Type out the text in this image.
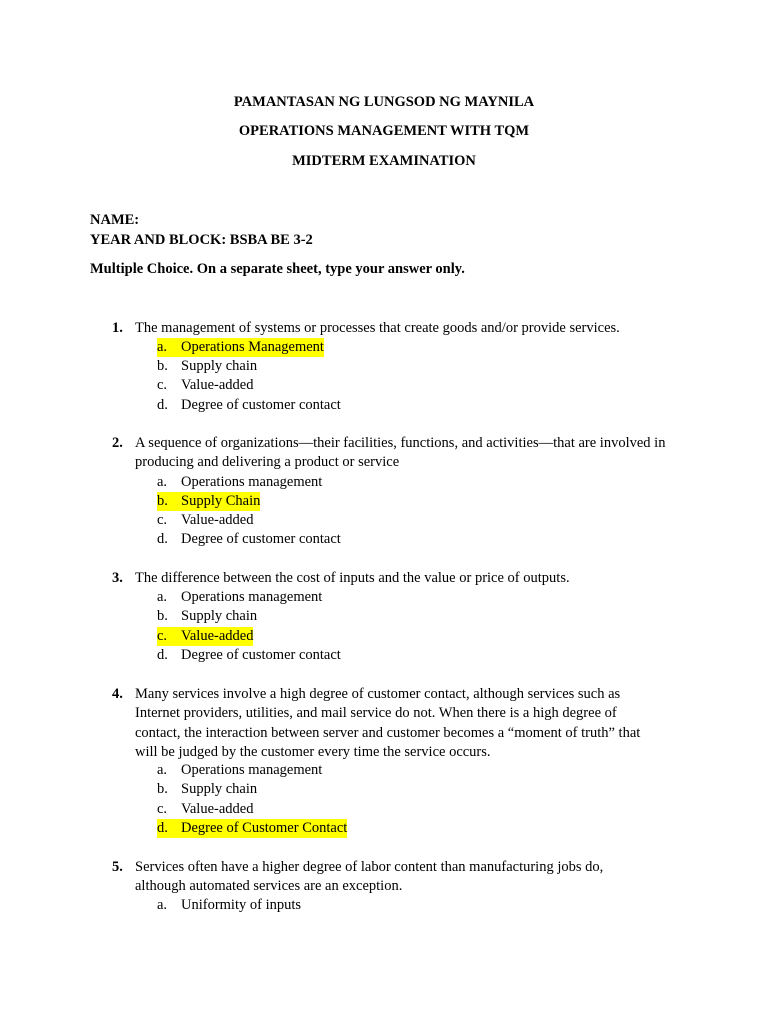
PAMANTASAN NG LUNGSOD NG MAYNILA
OPERATIONS MANAGEMENT WITH TQM
MIDTERM EXAMINATION
NAME:
YEAR AND BLOCK: BSBA BE 3-2
Multiple Choice. On a separate sheet, type your answer only.
1. The management of systems or processes that create goods and/or provide services.
a. Operations Management
b. Supply chain
c. Value-added
d. Degree of customer contact
2. A sequence of organizations—their facilities, functions, and activities—that are involved in producing and delivering a product or service
a. Operations management
b. Supply Chain
c. Value-added
d. Degree of customer contact
3. The difference between the cost of inputs and the value or price of outputs.
a. Operations management
b. Supply chain
c. Value-added
d. Degree of customer contact
4. Many services involve a high degree of customer contact, although services such as Internet providers, utilities, and mail service do not. When there is a high degree of contact, the interaction between server and customer becomes a “moment of truth” that will be judged by the customer every time the service occurs.
a. Operations management
b. Supply chain
c. Value-added
d. Degree of Customer Contact
5. Services often have a higher degree of labor content than manufacturing jobs do, although automated services are an exception.
a. Uniformity of inputs
